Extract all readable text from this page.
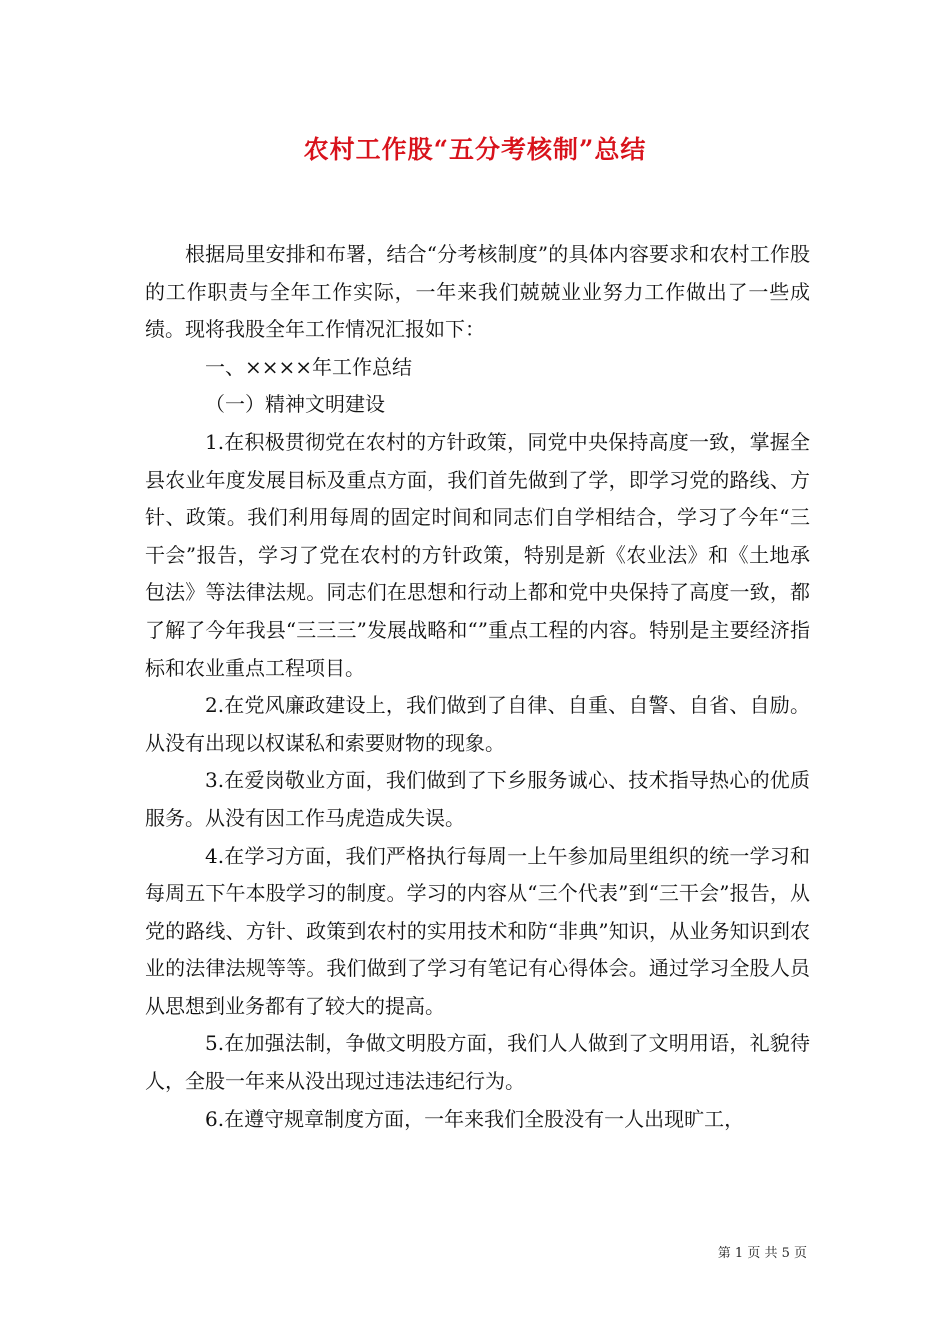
农村工作股“五分考核制”总结

根据局里安排和布署，结合“分考核制度”的具体内容要求和农村工作股的工作职责与全年工作实际，一年来我们兢兢业业努力工作做出了一些成绩。现将我股全年工作情况汇报如下：

一、××××年工作总结

（一）精神文明建设

1.在积极贯彻党在农村的方针政策，同党中央保持高度一致，掌握全县农业年度发展目标及重点方面，我们首先做到了学，即学习党的路线、方针、政策。我们利用每周的固定时间和同志们自学相结合，学习了今年“三干会”报告，学习了党在农村的方针政策，特别是新《农业法》和《土地承包法》等法律法规。同志们在思想和行动上都和党中央保持了高度一致，都了解了今年我县“三三三”发展战略和“”重点工程的内容。特别是主要经济指标和农业重点工程项目。

2.在党风廉政建设上，我们做到了自律、自重、自警、自省、自励。从没有出现以权谋私和索要财物的现象。

3.在爱岗敬业方面，我们做到了下乡服务诚心、技术指导热心的优质服务。从没有因工作马虎造成失误。

4.在学习方面，我们严格执行每周一上午参加局里组织的统一学习和每周五下午本股学习的制度。学习的内容从“三个代表”到“三干会”报告，从党的路线、方针、政策到农村的实用技术和防“非典”知识，从业务知识到农业的法律法规等等。我们做到了学习有笔记有心得体会。通过学习全股人员从思想到业务都有了较大的提高。

5.在加强法制，争做文明股方面，我们人人做到了文明用语，礼貌待人，全股一年来从没出现过违法违纪行为。

6.在遵守规章制度方面，一年来我们全股没有一人出现旷工，

第 1 页 共 5 页
